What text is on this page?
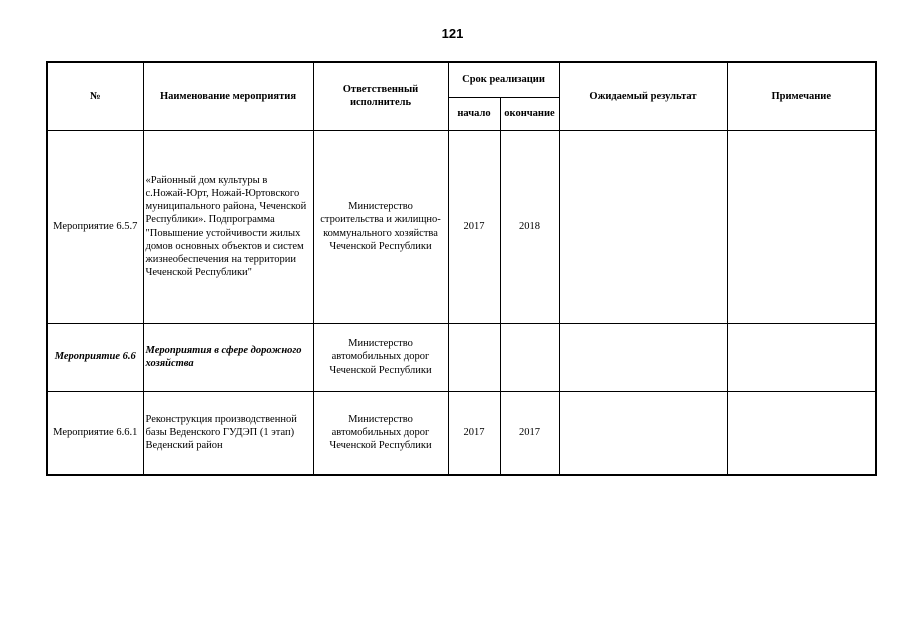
121
№	Наименование мероприятия	Ответственный исполнитель	Срок реализации		Ожидаемый результат	Примечание
			начало	окончание		
Мероприятие 6.5.7	«Районный дом культуры в с.Ножай-Юрт, Ножай-Юртовского муниципального района, Чеченской Республики». Подпрограмма "Повышение устойчивости жилых домов основных объектов и систем жизнеобеспечения на территории Чеченской Республики"	Министерство строительства и жилищно-коммунального хозяйства Чеченской Республики	2017	2018		
Мероприятие 6.6	Мероприятия в сфере дорожного хозяйства	Министерство автомобильных дорог Чеченской Республики				
Мероприятие 6.6.1	Реконструкция производственной базы Веденского ГУДЭП (1 этап) Веденский район	Министерство автомобильных дорог Чеченской Республики	2017	2017		
